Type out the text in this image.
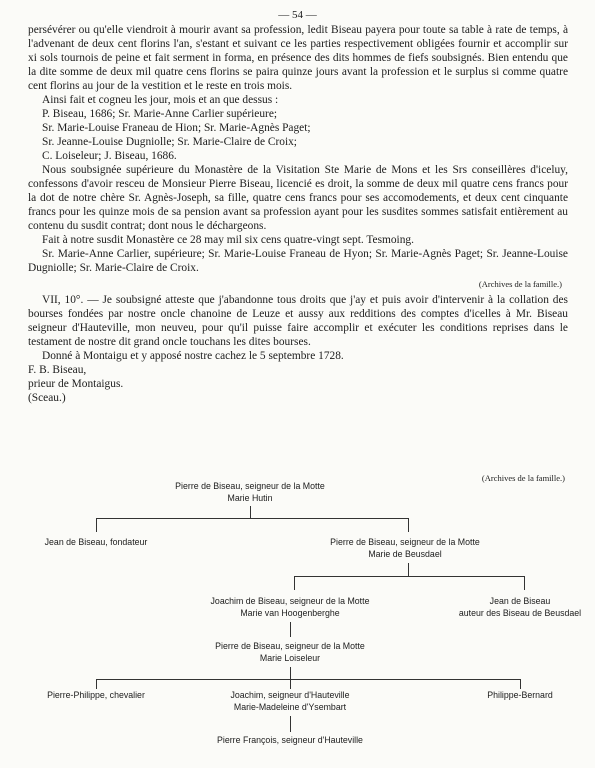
— 54 —

persévérer ou qu'elle viendroit à mourir avant sa profession, ledit Biseau payera pour toute sa table à rate de temps, à l'advenant de deux cent florins l'an, s'estant et suivant ce les parties respectivement obligées fournir et accomplir sur xi sols tournois de peine et fait serment in forma, en présence des dits hommes de fiefs soubsignés. Bien entendu que la dite somme de deux mil quatre cens florins se paira quinze jours avant la profession et le surplus si comme quatre cent florins au jour de la vestition et le reste en trois mois.

Ainsi fait et cogneu les jour, mois et an que dessus :

P. Biseau, 1686; Sr. Marie-Anne Carlier supérieure;

Sr. Marie-Louise Franeau de Hion; Sr. Marie-Agnès Paget;

Sr. Jeanne-Louise Dugniolle; Sr. Marie-Claire de Croix;

C. Loiseleur; J. Biseau, 1686.

Nous soubsignée supérieure du Monastère de la Visitation Ste Marie de Mons et les Srs conseillères d'iceluy, confessons d'avoir resceu de Monsieur Pierre Biseau, licencié es droit, la somme de deux mil quatre cens francs pour la dot de notre chère Sr. Agnès-Joseph, sa fille, quatre cens francs pour ses accomodements, et deux cent cinquante francs pour les quinze mois de sa pension avant sa profession ayant pour les susdites sommes satisfait entièrement au contenu du susdit contrat; dont nous le déchargeons.

Fait à notre susdit Monastère ce 28 may mil six cens quatre-vingt sept. Tesmoing.

Sr. Marie-Anne Carlier, supérieure; Sr. Marie-Louise Franeau de Hyon; Sr. Marie-Agnès Paget; Sr. Jeanne-Louise Dugniolle; Sr. Marie-Claire de Croix.

(Archives de la famille.)

VII, 10°. — Je soubsigné atteste que j'abandonne tous droits que j'ay et puis avoir d'intervenir à la collation des bourses fondées par nostre oncle chanoine de Leuze et aussy aux redditions des comptes d'icelles à Mr. Biseau seigneur d'Hauteville, mon neuveu, pour qu'il puisse faire accomplir et exécuter les conditions reprises dans le testament de nostre dit grand oncle touchans les dites bourses.

Donné à Montaigu et y apposé nostre cachez le 5 septembre 1728.

F. B. Biseau,

prieur de Montaigus.

(Sceau.)

(Archives de la famille.)
Pierre de Biseau, seigneur de la Motte
Marie Hutin
Jean de Biseau, fondateur	Pierre de Biseau, seigneur de la Motte
Marie de Beusdael
Joachim de Biseau, seigneur de la Motte
Marie van Hoogenberghe
Jean de Biseau
auteur des Biseau de Beusdael
Pierre de Biseau, seigneur de la Motte
Marie Loiseleur
Pierre-Philippe, chevalier	Joachim, seigneur d'Hauteville
Marie-Madeleine d'Ysembart
Philippe-Bernard
Pierre François, seigneur d'Hauteville
